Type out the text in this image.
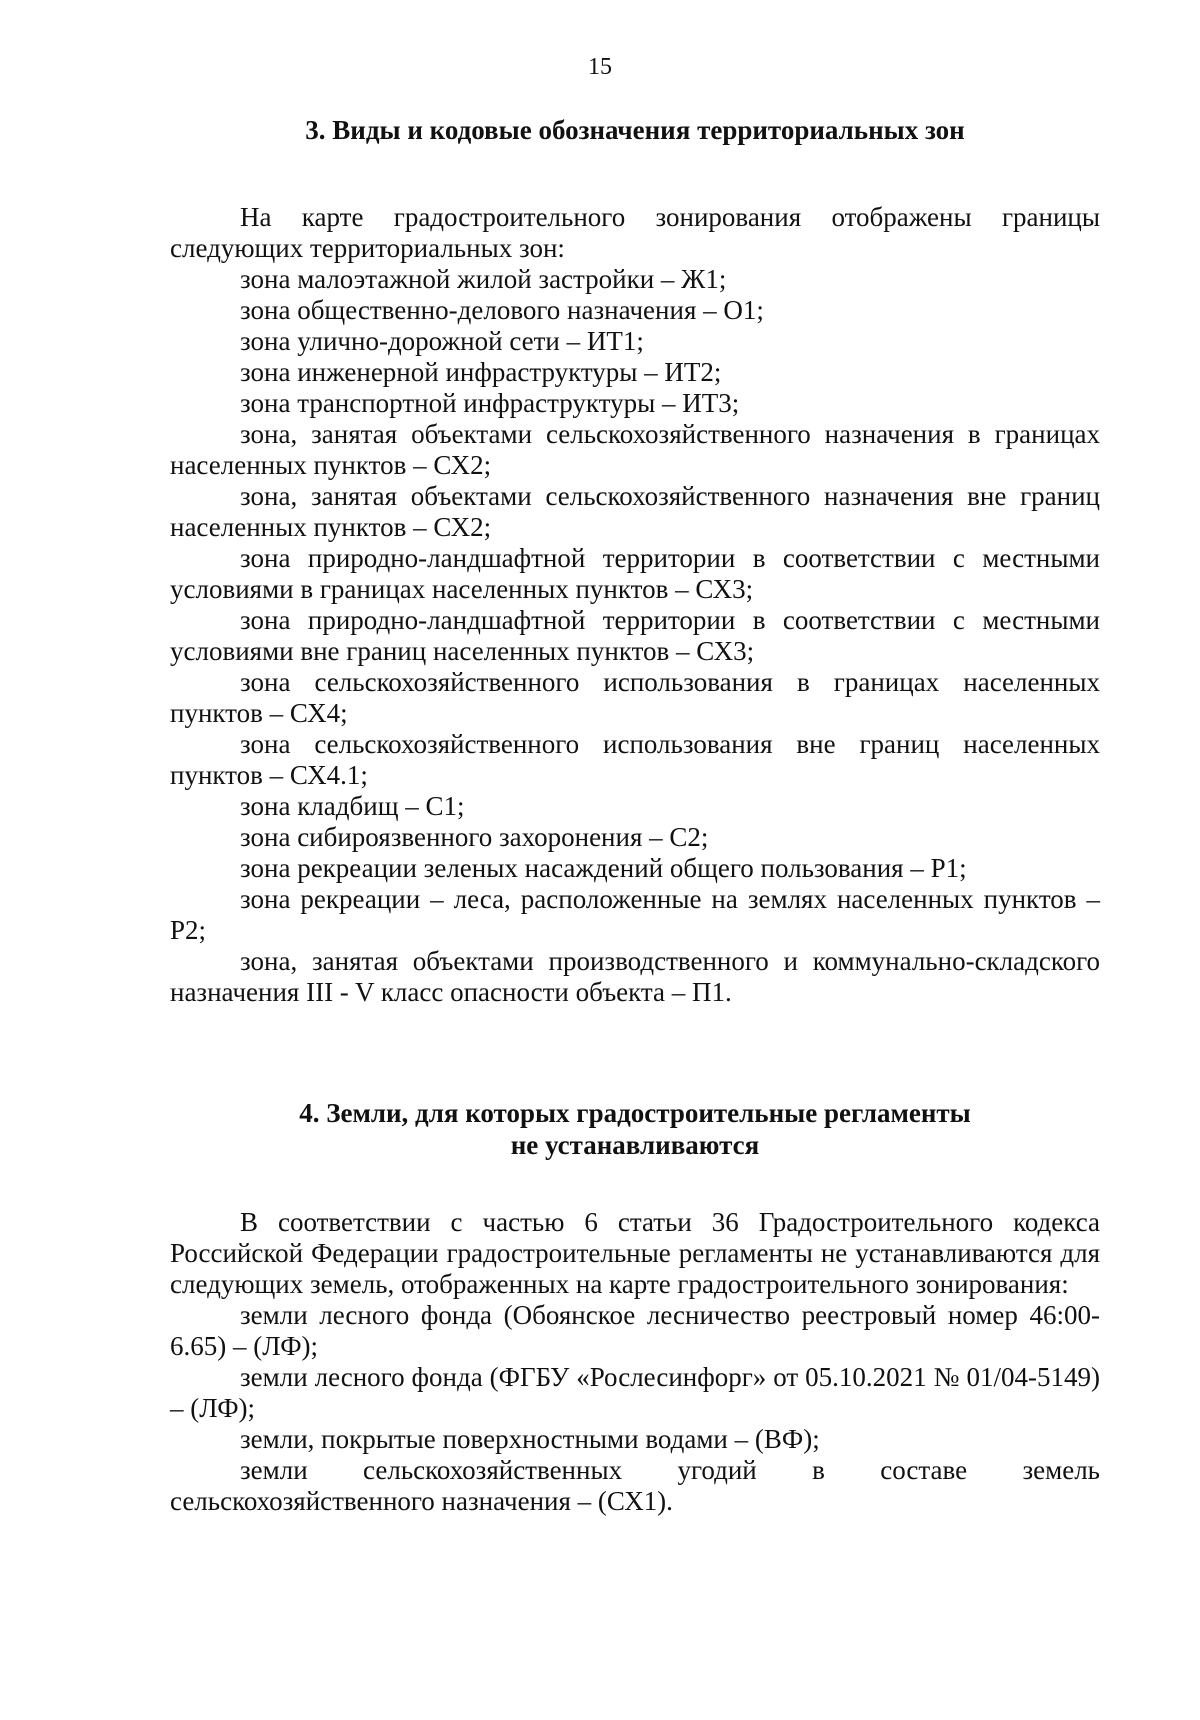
15
3. Виды и кодовые обозначения территориальных зон

На карте градостроительного зонирования отображены границы следующих территориальных зон:

зона малоэтажной жилой застройки – Ж1;

зона общественно-делового назначения – О1;

зона улично-дорожной сети – ИТ1;

зона инженерной инфраструктуры – ИТ2;

зона транспортной инфраструктуры – ИТ3;

зона, занятая объектами сельскохозяйственного назначения в границах населенных пунктов – СХ2;

зона, занятая объектами сельскохозяйственного назначения вне границ населенных пунктов – СХ2;

зона природно-ландшафтной территории в соответствии с местными условиями в границах населенных пунктов – СХ3;

зона природно-ландшафтной территории в соответствии с местными условиями вне границ населенных пунктов – СХ3;

зона сельскохозяйственного использования в границах населенных пунктов – СХ4;

зона сельскохозяйственного использования вне границ населенных пунктов – СХ4.1;

зона кладбищ – С1;

зона сибироязвенного захоронения – С2;

зона рекреации зеленых насаждений общего пользования – Р1;

зона рекреации – леса, расположенные на землях населенных пунктов – Р2;

зона, занятая объектами производственного и коммунально-складского назначения III - V класс опасности объекта – П1.

4. Земли, для которых градостроительные регламенты
не устанавливаются

В соответствии с частью 6 статьи 36 Градостроительного кодекса Российской Федерации градостроительные регламенты не устанавливаются для следующих земель, отображенных на карте градостроительного зонирования:

земли лесного фонда (Обоянское лесничество реестровый номер 46:00-6.65) – (ЛФ);

земли лесного фонда (ФГБУ «Рослесинфорг» от 05.10.2021 № 01/04-5149) – (ЛФ);

земли, покрытые поверхностными водами – (ВФ);

земли сельскохозяйственных угодий в составе земель сельскохозяйственного назначения – (СХ1).
